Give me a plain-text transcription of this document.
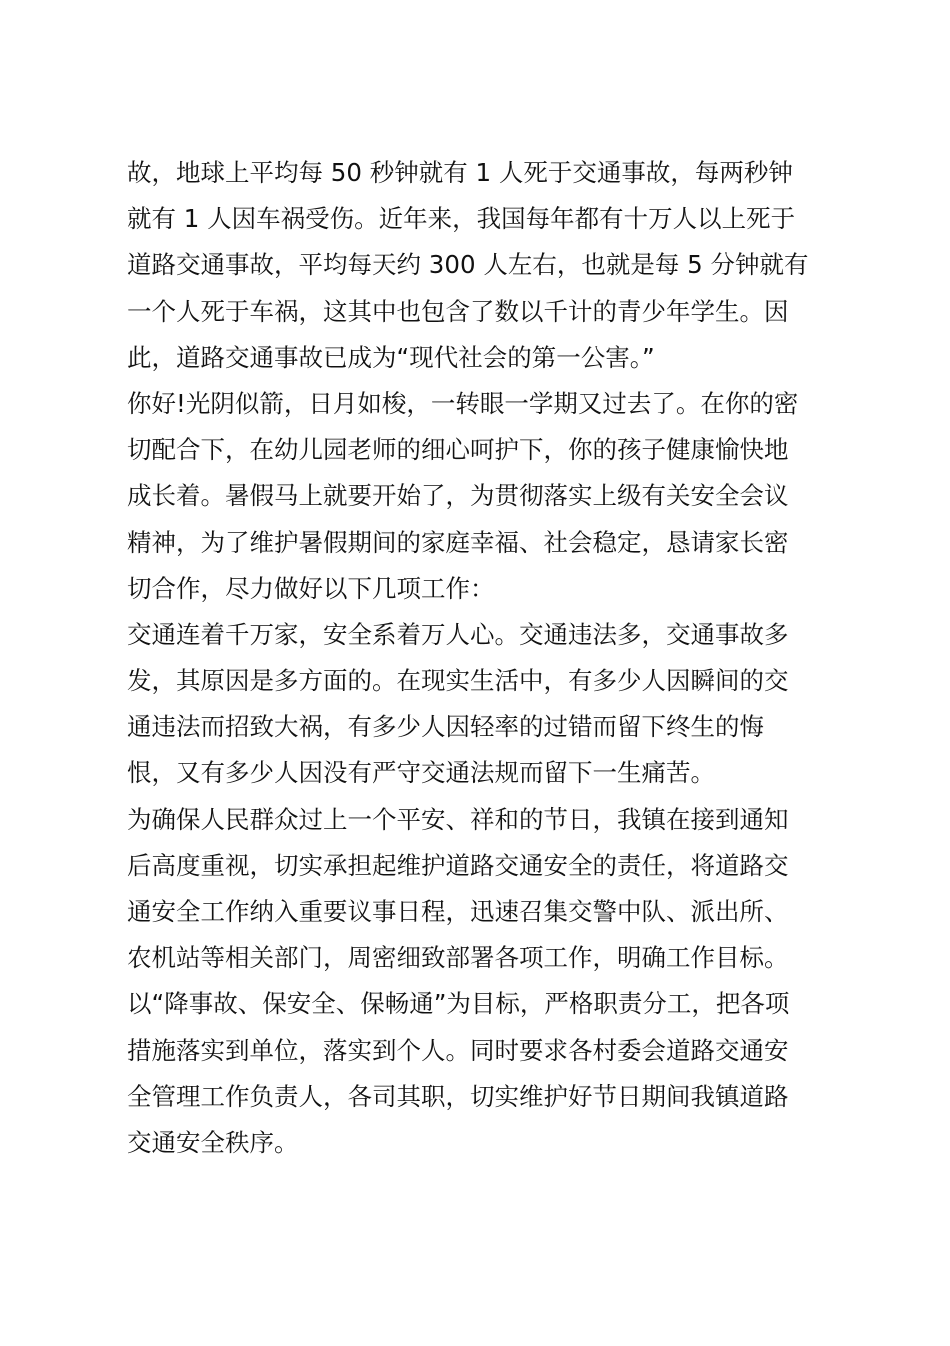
故，地球上平均每 50 秒钟就有 1 人死于交通事故，每两秒钟
就有 1 人因车祸受伤。近年来，我国每年都有十万人以上死于
道路交通事故，平均每天约 300 人左右，也就是每 5 分钟就有
一个人死于车祸，这其中也包含了数以千计的青少年学生。因
此，道路交通事故已成为“现代社会的第一公害。”
你好!光阴似箭，日月如梭，一转眼一学期又过去了。在你的密
切配合下，在幼儿园老师的细心呵护下，你的孩子健康愉快地
成长着。暑假马上就要开始了，为贯彻落实上级有关安全会议
精神，为了维护暑假期间的家庭幸福、社会稳定，恳请家长密
切合作，尽力做好以下几项工作：
交通连着千万家，安全系着万人心。交通违法多，交通事故多
发，其原因是多方面的。在现实生活中，有多少人因瞬间的交
通违法而招致大祸，有多少人因轻率的过错而留下终生的悔
恨，又有多少人因没有严守交通法规而留下一生痛苦。
为确保人民群众过上一个平安、祥和的节日，我镇在接到通知
后高度重视，切实承担起维护道路交通安全的责任，将道路交
通安全工作纳入重要议事日程，迅速召集交警中队、派出所、
农机站等相关部门，周密细致部署各项工作，明确工作目标。
以“降事故、保安全、保畅通”为目标，严格职责分工，把各项
措施落实到单位，落实到个人。同时要求各村委会道路交通安
全管理工作负责人，各司其职，切实维护好节日期间我镇道路
交通安全秩序。
